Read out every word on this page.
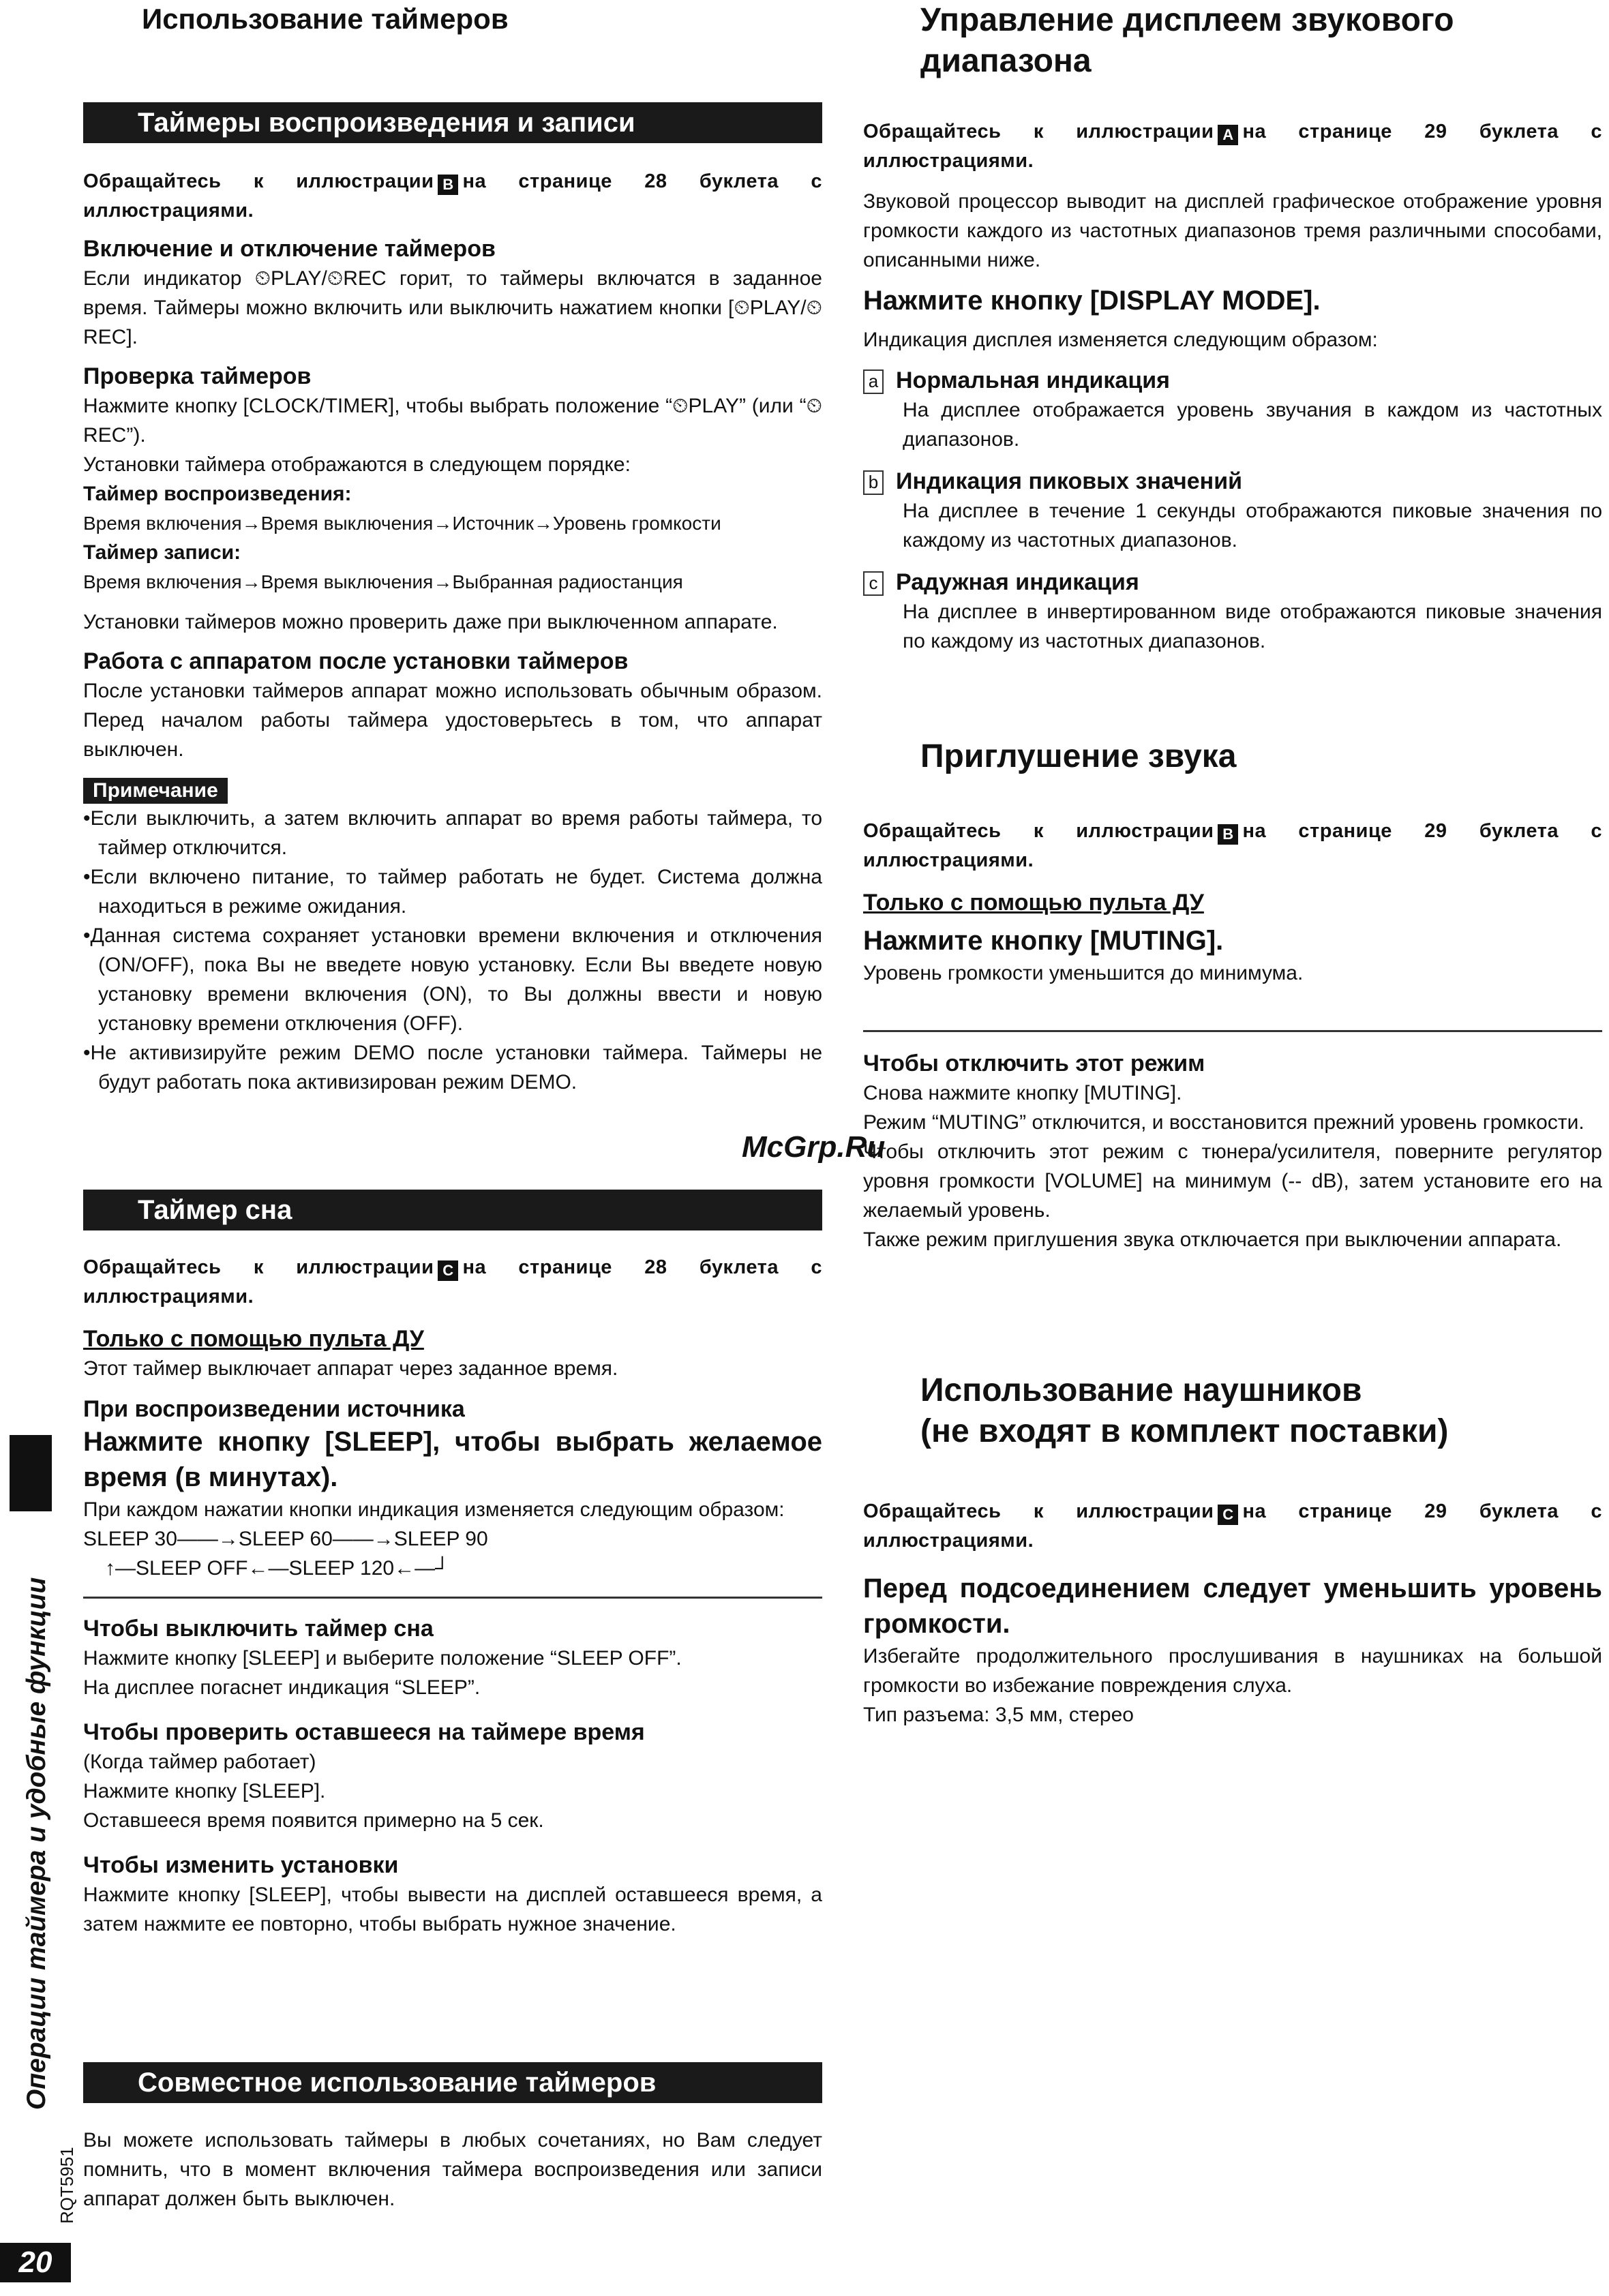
Использование таймеров
Таймеры воспроизведения и записи
Обращайтесь к иллюстрации B на странице 28 буклета с иллюстрациями.
Включение и отключение таймеров
Если индикатор ⏲PLAY/⏲REC горит, то таймеры включатся в заданное время. Таймеры можно включить или выключить нажатием кнопки [⏲PLAY/⏲REC].
Проверка таймеров
Нажмите кнопку [CLOCK/TIMER], чтобы выбрать положение “⏲PLAY” (или “⏲REC”).
Установки таймера отображаются в следующем порядке:
Таймер воспроизведения:
Время включения→Время выключения→Источник→Уровень громкости
Таймер записи:
Время включения→Время выключения→Выбранная радиостанция
Установки таймеров можно проверить даже при выключенном аппарате.
Работа с аппаратом после установки таймеров
После установки таймеров аппарат можно использовать обычным образом. Перед началом работы таймера удостоверьтесь в том, что аппарат выключен.
Примечание
•Если выключить, а затем включить аппарат во время работы таймера, то таймер отключится.
•Если включено питание, то таймер работать не будет. Система должна находиться в режиме ожидания.
•Данная система сохраняет установки времени включения и отключения (ON/OFF), пока Вы не введете новую установку. Если Вы введете новую установку времени включения (ON), то Вы должны ввести и новую установку времени отключения (OFF).
•Не активизируйте режим DEMO после установки таймера. Таймеры не будут работать пока активизирован режим DEMO.
Таймер сна
Обращайтесь к иллюстрации C на странице 28 буклета с иллюстрациями.
Только с помощью пульта ДУ
Этот таймер выключает аппарат через заданное время.
При воспроизведении источника
Нажмите кнопку [SLEEP], чтобы выбрать желаемое время (в минутах).
При каждом нажатии кнопки индикация изменяется следующим образом:
SLEEP 30——→SLEEP 60——→SLEEP 90
↑—SLEEP OFF←—SLEEP 120←—┘
Чтобы выключить таймер сна
Нажмите кнопку [SLEEP] и выберите положение “SLEEP OFF”.
На дисплее погаснет индикация “SLEEP”.
Чтобы проверить оставшееся на таймере время
(Когда таймер работает)
Нажмите кнопку [SLEEP].
Оставшееся время появится примерно на 5 сек.
Чтобы изменить установки
Нажмите кнопку [SLEEP], чтобы вывести на дисплей оставшееся время, а затем нажмите ее повторно, чтобы выбрать нужное значение.
Совместное использование таймеров
Вы можете использовать таймеры в любых сочетаниях, но Вам следует помнить, что в момент включения таймера воспроизведения или записи аппарат должен быть выключен.
Управление дисплеем звукового диапазона
Обращайтесь к иллюстрации A на странице 29 буклета с иллюстрациями.
Звуковой процессор выводит на дисплей графическое отображение уровня громкости каждого из частотных диапазонов тремя различными способами, описанными ниже.
Нажмите кнопку [DISPLAY MODE].
Индикация дисплея изменяется следующим образом:
a Нормальная индикация
На дисплее отображается уровень звучания в каждом из частотных диапазонов.
b Индикация пиковых значений
На дисплее в течение 1 секунды отображаются пиковые значения по каждому из частотных диапазонов.
c Радужная индикация
На дисплее в инвертированном виде отображаются пиковые значения по каждому из частотных диапазонов.
Приглушение звука
Обращайтесь к иллюстрации B на странице 29 буклета с иллюстрациями.
Только с помощью пульта ДУ
Нажмите кнопку [MUTING].
Уровень громкости уменьшится до минимума.
Чтобы отключить этот режим
Снова нажмите кнопку [MUTING].
Режим “MUTING” отключится, и восстановится прежний уровень громкости.
Чтобы отключить этот режим с тюнера/усилителя, поверните регулятор уровня громкости [VOLUME] на минимум (-- dB), затем установите его на желаемый уровень.
Также режим приглушения звука отключается при выключении аппарата.
Использование наушников
(не входят в комплект поставки)
Обращайтесь к иллюстрации C на странице 29 буклета с иллюстрациями.
Перед подсоединением следует уменьшить уровень громкости.
Избегайте продолжительного прослушивания в наушниках на большой громкости во избежание повреждения слуха.
Тип разъема: 3,5 мм, стерео
Операции таймера и удобные функции
RQT5951
20
McGrp.Ru
